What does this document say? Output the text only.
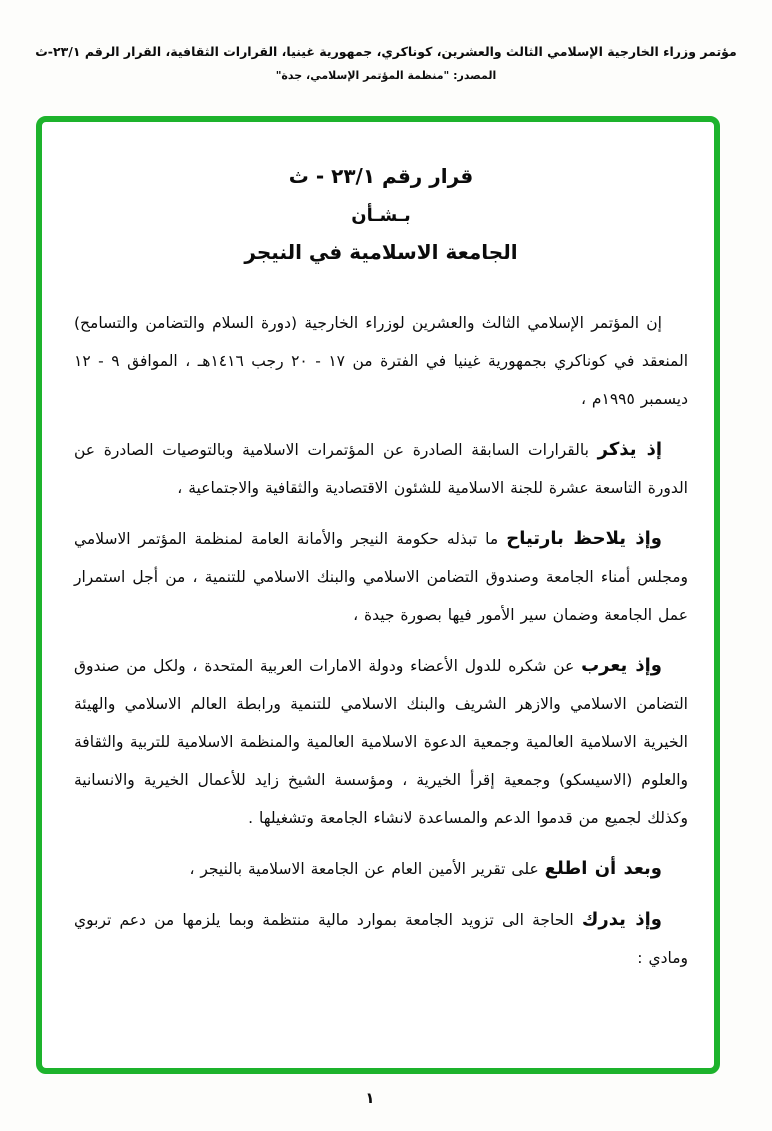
مؤتمر وزراء الخارجية الإسلامي الثالث والعشرين، كوناكري، جمهورية غينيا، القرارات الثقافية، القرار الرقم ٢٣/١-ث
المصدر: "منظمة المؤتمر الإسلامي، جدة"
قرار رقم ٢٣/١ - ث
بـشـأن
الجامعة الاسلامية في النيجر

إن المؤتمر الإسلامي الثالث والعشرين لوزراء الخارجية (دورة السلام والتضامن والتسامح) المنعقد في كوناكري بجمهورية غينيا في الفترة من ١٧ - ٢٠ رجب ١٤١٦هـ ، الموافق ٩ - ١٢ ديسمبر ١٩٩٥م ،

إذ يذكر بالقرارات السابقة الصادرة عن المؤتمرات الاسلامية وبالتوصيات الصادرة عن الدورة التاسعة عشرة للجنة الاسلامية للشئون الاقتصادية والثقافية والاجتماعية ،

وإذ يلاحظ بارتياح ما تبذله حكومة النيجر والأمانة العامة لمنظمة المؤتمر الاسلامي ومجلس أمناء الجامعة وصندوق التضامن الاسلامي والبنك الاسلامي للتنمية ، من أجل استمرار عمل الجامعة وضمان سير الأمور فيها بصورة جيدة ،

وإذ يعرب عن شكره للدول الأعضاء ودولة الامارات العربية المتحدة ، ولكل من صندوق التضامن الاسلامي والازهر الشريف والبنك الاسلامي للتنمية ورابطة العالم الاسلامي والهيئة الخيرية الاسلامية العالمية وجمعية الدعوة الاسلامية العالمية والمنظمة الاسلامية للتربية والثقافة والعلوم (الاسيسكو) وجمعية إقرأ الخيرية ، ومؤسسة الشيخ زايد للأعمال الخيرية والانسانية وكذلك لجميع من قدموا الدعم والمساعدة لانشاء الجامعة وتشغيلها .

وبعد أن اطلع على تقرير الأمين العام عن الجامعة الاسلامية بالنيجر ،

وإذ يدرك الحاجة الى تزويد الجامعة بموارد مالية منتظمة وبما يلزمها من دعم تربوي ومادي :

١
